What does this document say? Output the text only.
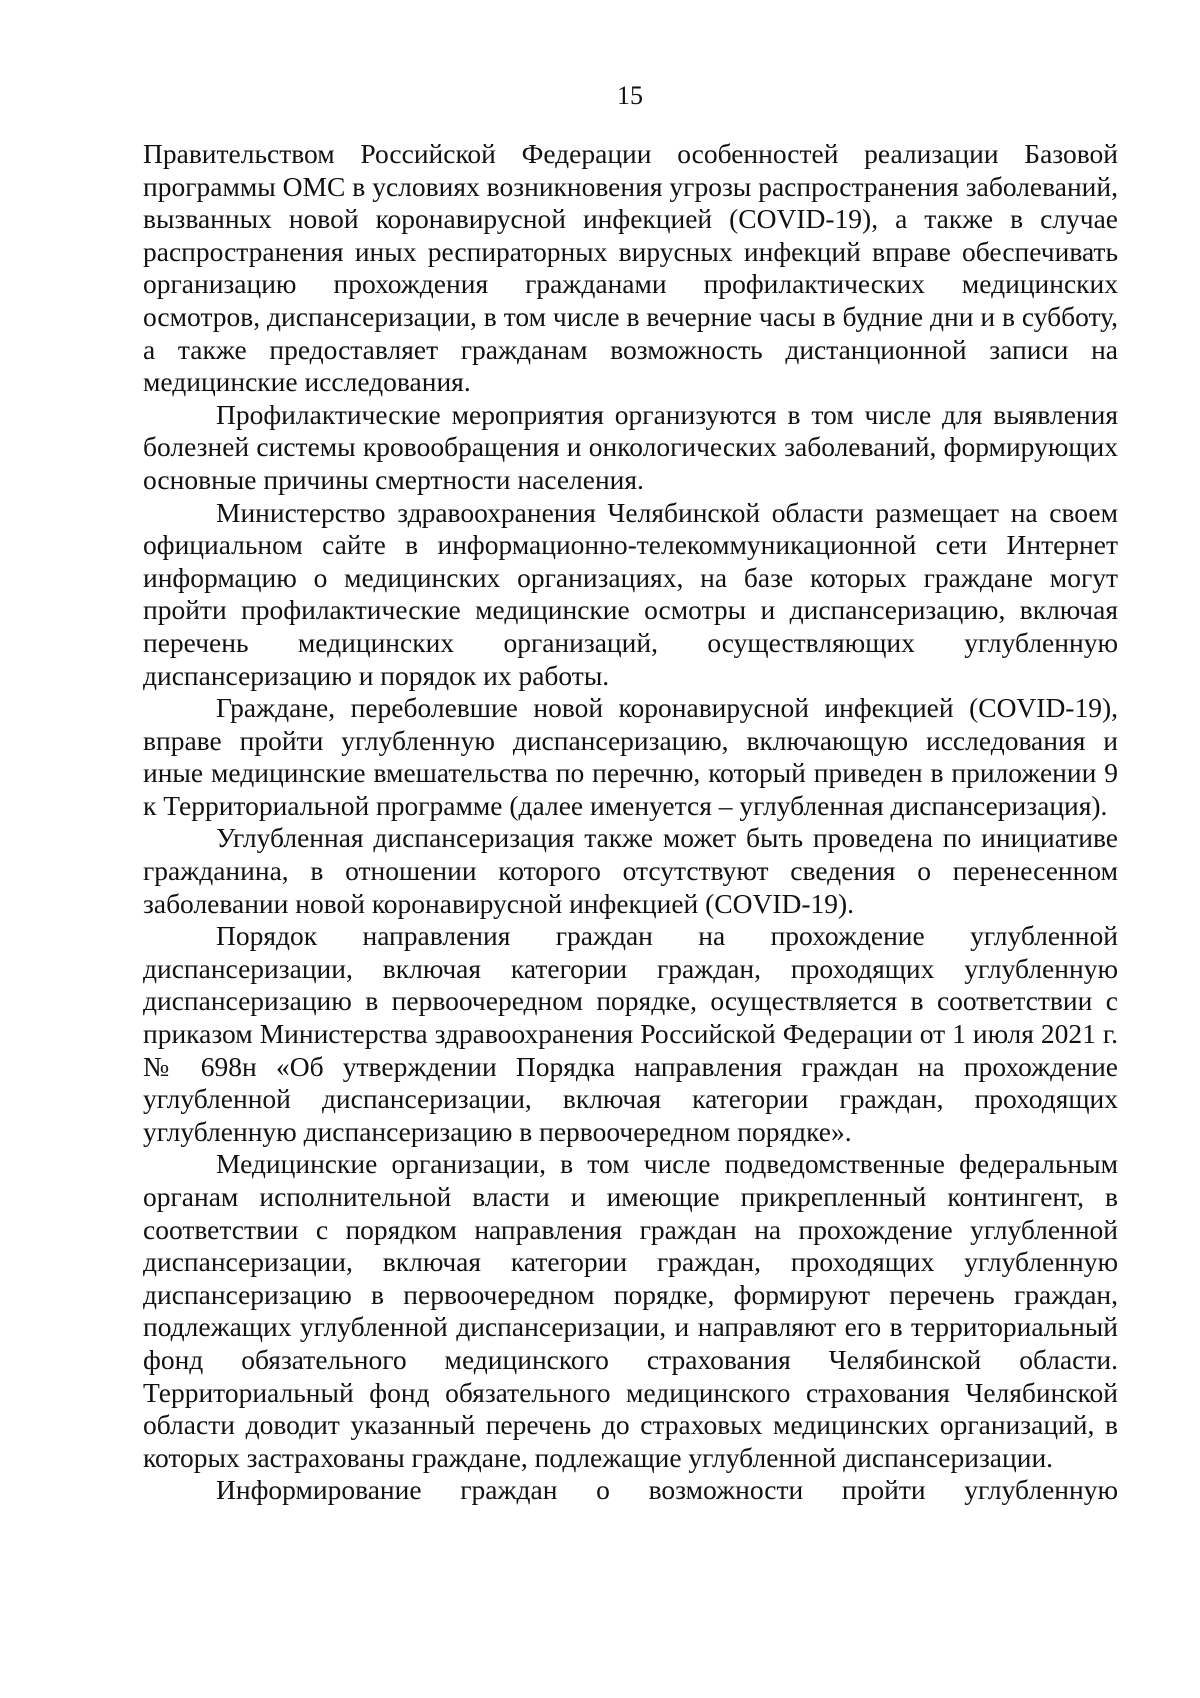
15

Правительством Российской Федерации особенностей реализации Базовой программы ОМС в условиях возникновения угрозы распространения заболеваний, вызванных новой коронавирусной инфекцией (COVID-19), а также в случае распространения иных респираторных вирусных инфекций вправе обеспечивать организацию прохождения гражданами профилактических медицинских осмотров, диспансеризации, в том числе в вечерние часы в будние дни и в субботу, а также предоставляет гражданам возможность дистанционной записи на медицинские исследования.

Профилактические мероприятия организуются в том числе для выявления болезней системы кровообращения и онкологических заболеваний, формирующих основные причины смертности населения.

Министерство здравоохранения Челябинской области размещает на своем официальном сайте в информационно-телекоммуникационной сети Интернет информацию о медицинских организациях, на базе которых граждане могут пройти профилактические медицинские осмотры и диспансеризацию, включая перечень медицинских организаций, осуществляющих углубленную диспансеризацию и порядок их работы.

Граждане, переболевшие новой коронавирусной инфекцией (COVID-19), вправе пройти углубленную диспансеризацию, включающую исследования и иные медицинские вмешательства по перечню, который приведен в приложении 9 к Территориальной программе (далее именуется – углубленная диспансеризация).

Углубленная диспансеризация также может быть проведена по инициативе гражданина, в отношении которого отсутствуют сведения о перенесенном заболевании новой коронавирусной инфекцией (COVID-19).

Порядок направления граждан на прохождение углубленной диспансеризации, включая категории граждан, проходящих углубленную диспансеризацию в первоочередном порядке, осуществляется в соответствии с приказом Министерства здравоохранения Российской Федерации от 1 июля 2021 г. № 698н «Об утверждении Порядка направления граждан на прохождение углубленной диспансеризации, включая категории граждан, проходящих углубленную диспансеризацию в первоочередном порядке».

Медицинские организации, в том числе подведомственные федеральным органам исполнительной власти и имеющие прикрепленный контингент, в соответствии с порядком направления граждан на прохождение углубленной диспансеризации, включая категории граждан, проходящих углубленную диспансеризацию в первоочередном порядке, формируют перечень граждан, подлежащих углубленной диспансеризации, и направляют его в территориальный фонд обязательного медицинского страхования Челябинской области. Территориальный фонд обязательного медицинского страхования Челябинской области доводит указанный перечень до страховых медицинских организаций, в которых застрахованы граждане, подлежащие углубленной диспансеризации.

Информирование граждан о возможности пройти углубленную
